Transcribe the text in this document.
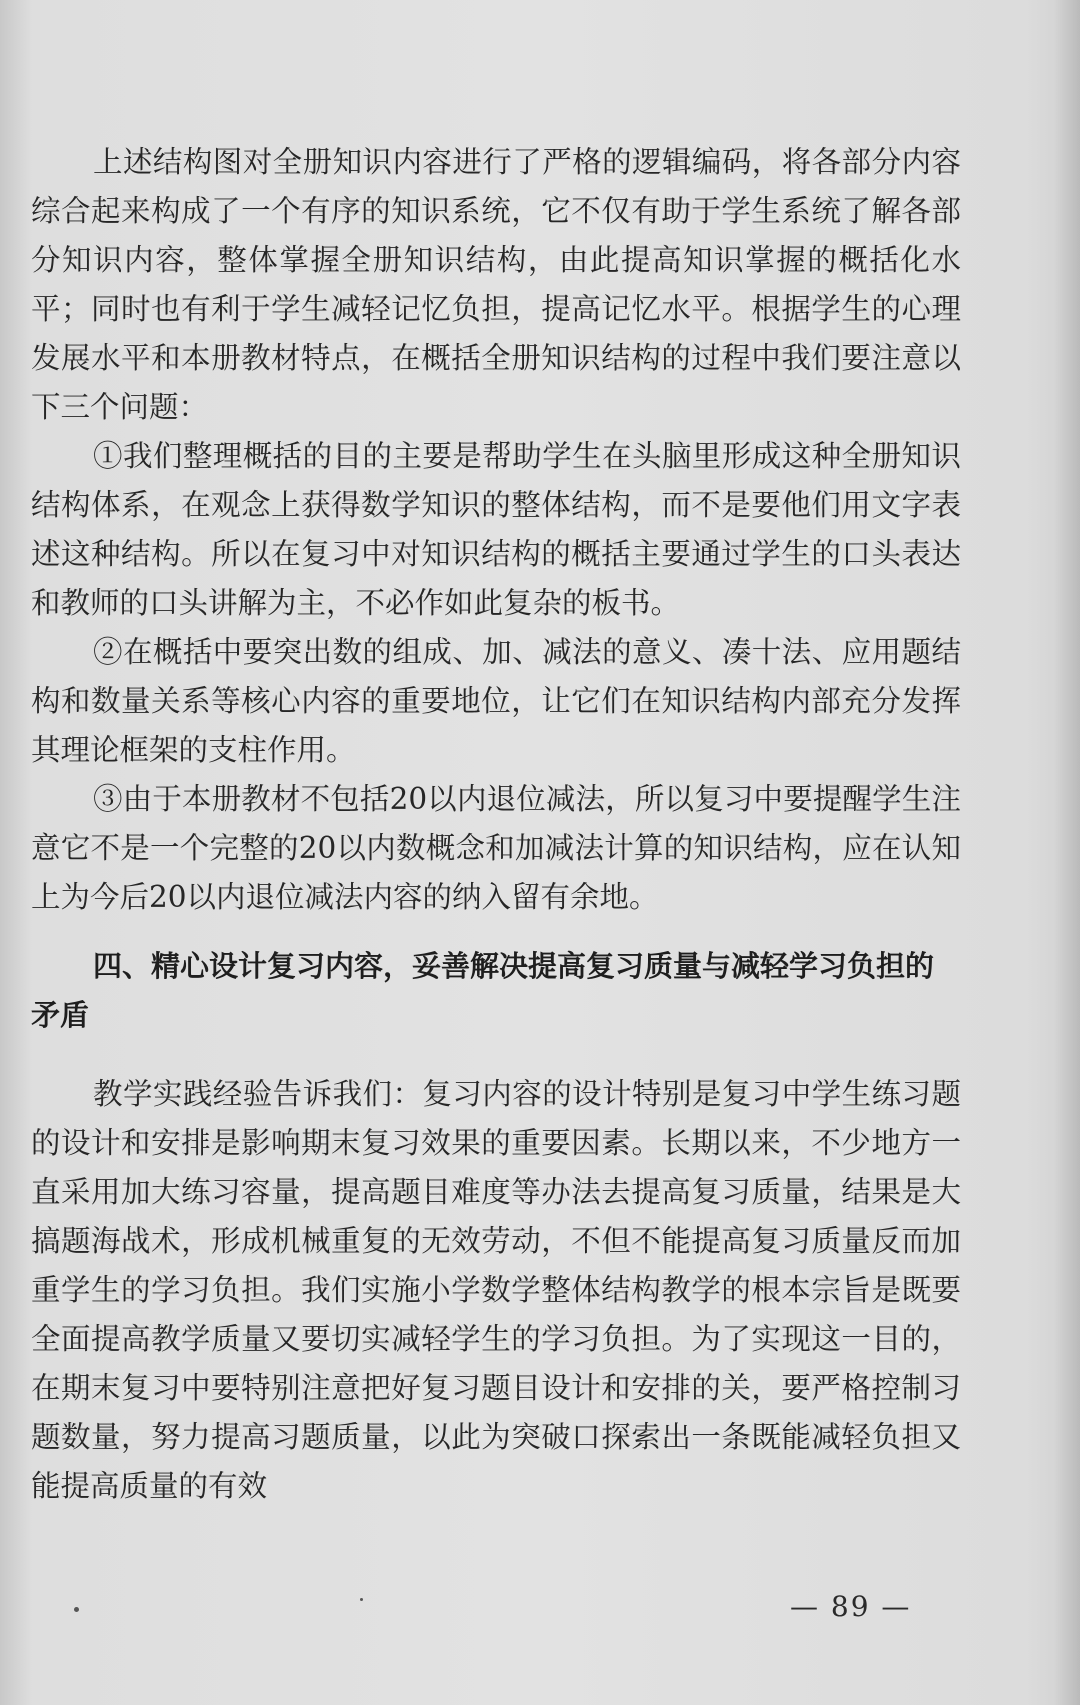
上述结构图对全册知识内容进行了严格的逻辑编码，将各部分内容综合起来构成了一个有序的知识系统，它不仅有助于学生系统了解各部分知识内容，整体掌握全册知识结构，由此提高知识掌握的概括化水平；同时也有利于学生减轻记忆负担，提高记忆水平。根据学生的心理发展水平和本册教材特点，在概括全册知识结构的过程中我们要注意以下三个问题：

①我们整理概括的目的主要是帮助学生在头脑里形成这种全册知识结构体系，在观念上获得数学知识的整体结构，而不是要他们用文字表述这种结构。所以在复习中对知识结构的概括主要通过学生的口头表达和教师的口头讲解为主，不必作如此复杂的板书。

②在概括中要突出数的组成、加、减法的意义、凑十法、应用题结构和数量关系等核心内容的重要地位，让它们在知识结构内部充分发挥其理论框架的支柱作用。

③由于本册教材不包括20以内退位减法，所以复习中要提醒学生注意它不是一个完整的20以内数概念和加减法计算的知识结构，应在认知上为今后20以内退位减法内容的纳入留有余地。

四、精心设计复习内容，妥善解决提高复习质量与减轻学习负担的矛盾

教学实践经验告诉我们：复习内容的设计特别是复习中学生练习题的设计和安排是影响期末复习效果的重要因素。长期以来，不少地方一直采用加大练习容量，提高题目难度等办法去提高复习质量，结果是大搞题海战术，形成机械重复的无效劳动，不但不能提高复习质量反而加重学生的学习负担。我们实施小学数学整体结构教学的根本宗旨是既要全面提高教学质量又要切实减轻学生的学习负担。为了实现这一目的，在期末复习中要特别注意把好复习题目设计和安排的关，要严格控制习题数量，努力提高习题质量，以此为突破口探索出一条既能减轻负担又能提高质量的有效

— 89 —
